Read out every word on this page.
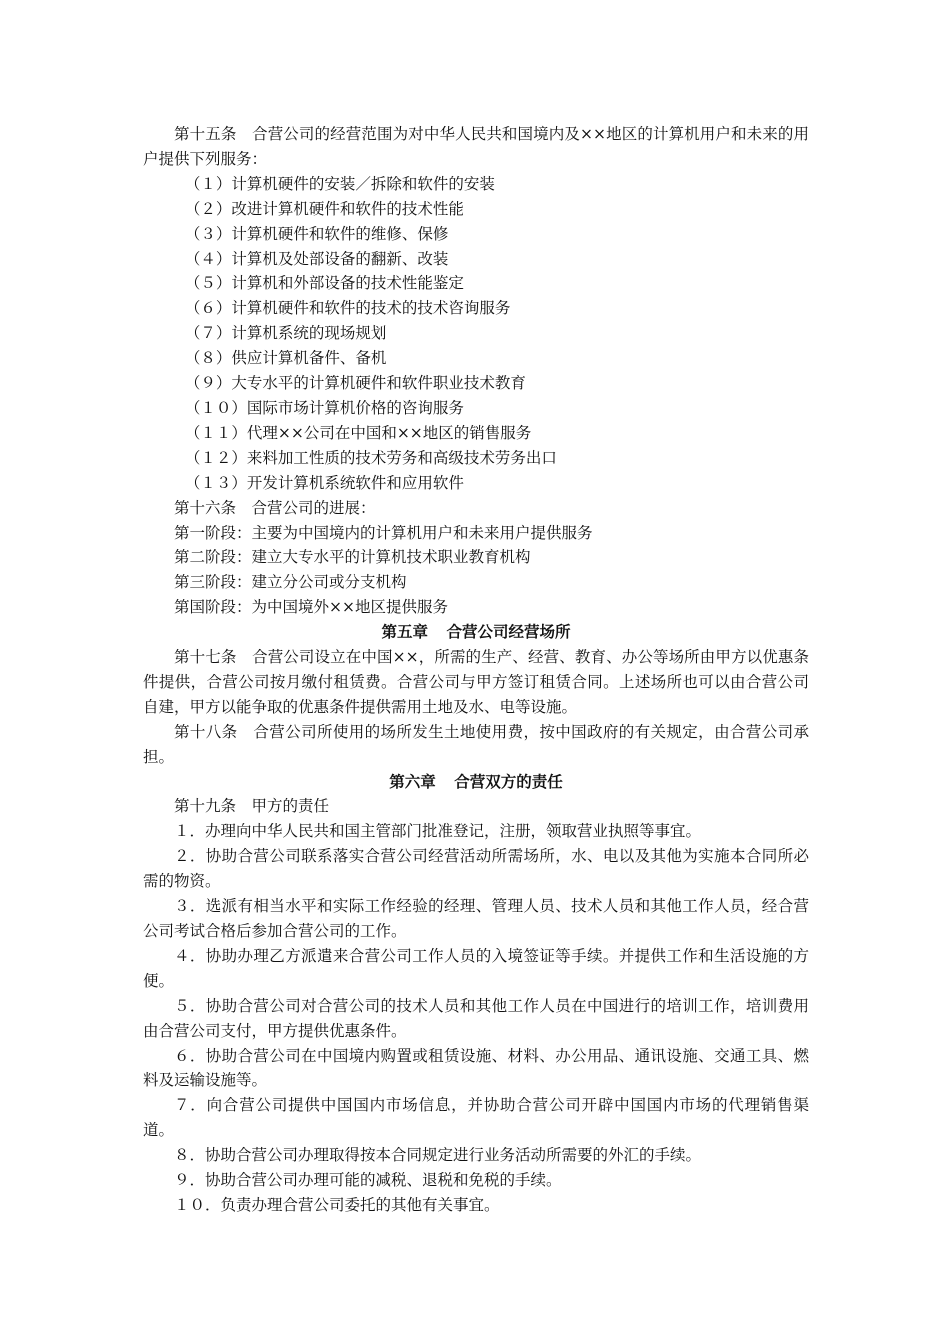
第十五条　合营公司的经营范围为对中华人民共和国境内及××地区的计算机用户和未来的用户提供下列服务：

（１）计算机硬件的安装／拆除和软件的安装

（２）改进计算机硬件和软件的技术性能

（３）计算机硬件和软件的维修、保修

（４）计算机及处部设备的翻新、改装

（５）计算机和外部设备的技术性能鉴定

（６）计算机硬件和软件的技术的技术咨询服务

（７）计算机系统的现场规划

（８）供应计算机备件、备机

（９）大专水平的计算机硬件和软件职业技术教育

（１０）国际市场计算机价格的咨询服务

（１１）代理××公司在中国和××地区的销售服务

（１２）来料加工性质的技术劳务和高级技术劳务出口

（１３）开发计算机系统软件和应用软件

第十六条　合营公司的进展：

第一阶段：主要为中国境内的计算机用户和未来用户提供服务

第二阶段：建立大专水平的计算机技术职业教育机构

第三阶段：建立分公司或分支机构

第国阶段：为中国境外××地区提供服务

第五章 合营公司经营场所

第十七条　合营公司设立在中国××，所需的生产、经营、教育、办公等场所由甲方以优惠条件提供，合营公司按月缴付租赁费。合营公司与甲方签订租赁合同。上述场所也可以由合营公司自建，甲方以能争取的优惠条件提供需用土地及水、电等设施。

第十八条　合营公司所使用的场所发生土地使用费，按中国政府的有关规定，由合营公司承担。

第六章 合营双方的责任

第十九条　甲方的责任

１．办理向中华人民共和国主管部门批准登记，注册，领取营业执照等事宜。

２．协助合营公司联系落实合营公司经营活动所需场所，水、电以及其他为实施本合同所必需的物资。

３．选派有相当水平和实际工作经验的经理、管理人员、技术人员和其他工作人员，经合营公司考试合格后参加合营公司的工作。

４．协助办理乙方派遣来合营公司工作人员的入境签证等手续。并提供工作和生活设施的方便。

５．协助合营公司对合营公司的技术人员和其他工作人员在中国进行的培训工作，培训费用由合营公司支付，甲方提供优惠条件。

６．协助合营公司在中国境内购置或租赁设施、材料、办公用品、通讯设施、交通工具、燃料及运输设施等。

７．向合营公司提供中国国内市场信息，并协助合营公司开辟中国国内市场的代理销售渠道。

８．协助合营公司办理取得按本合同规定进行业务活动所需要的外汇的手续。

９．协助合营公司办理可能的减税、退税和免税的手续。

１０．负责办理合营公司委托的其他有关事宜。
